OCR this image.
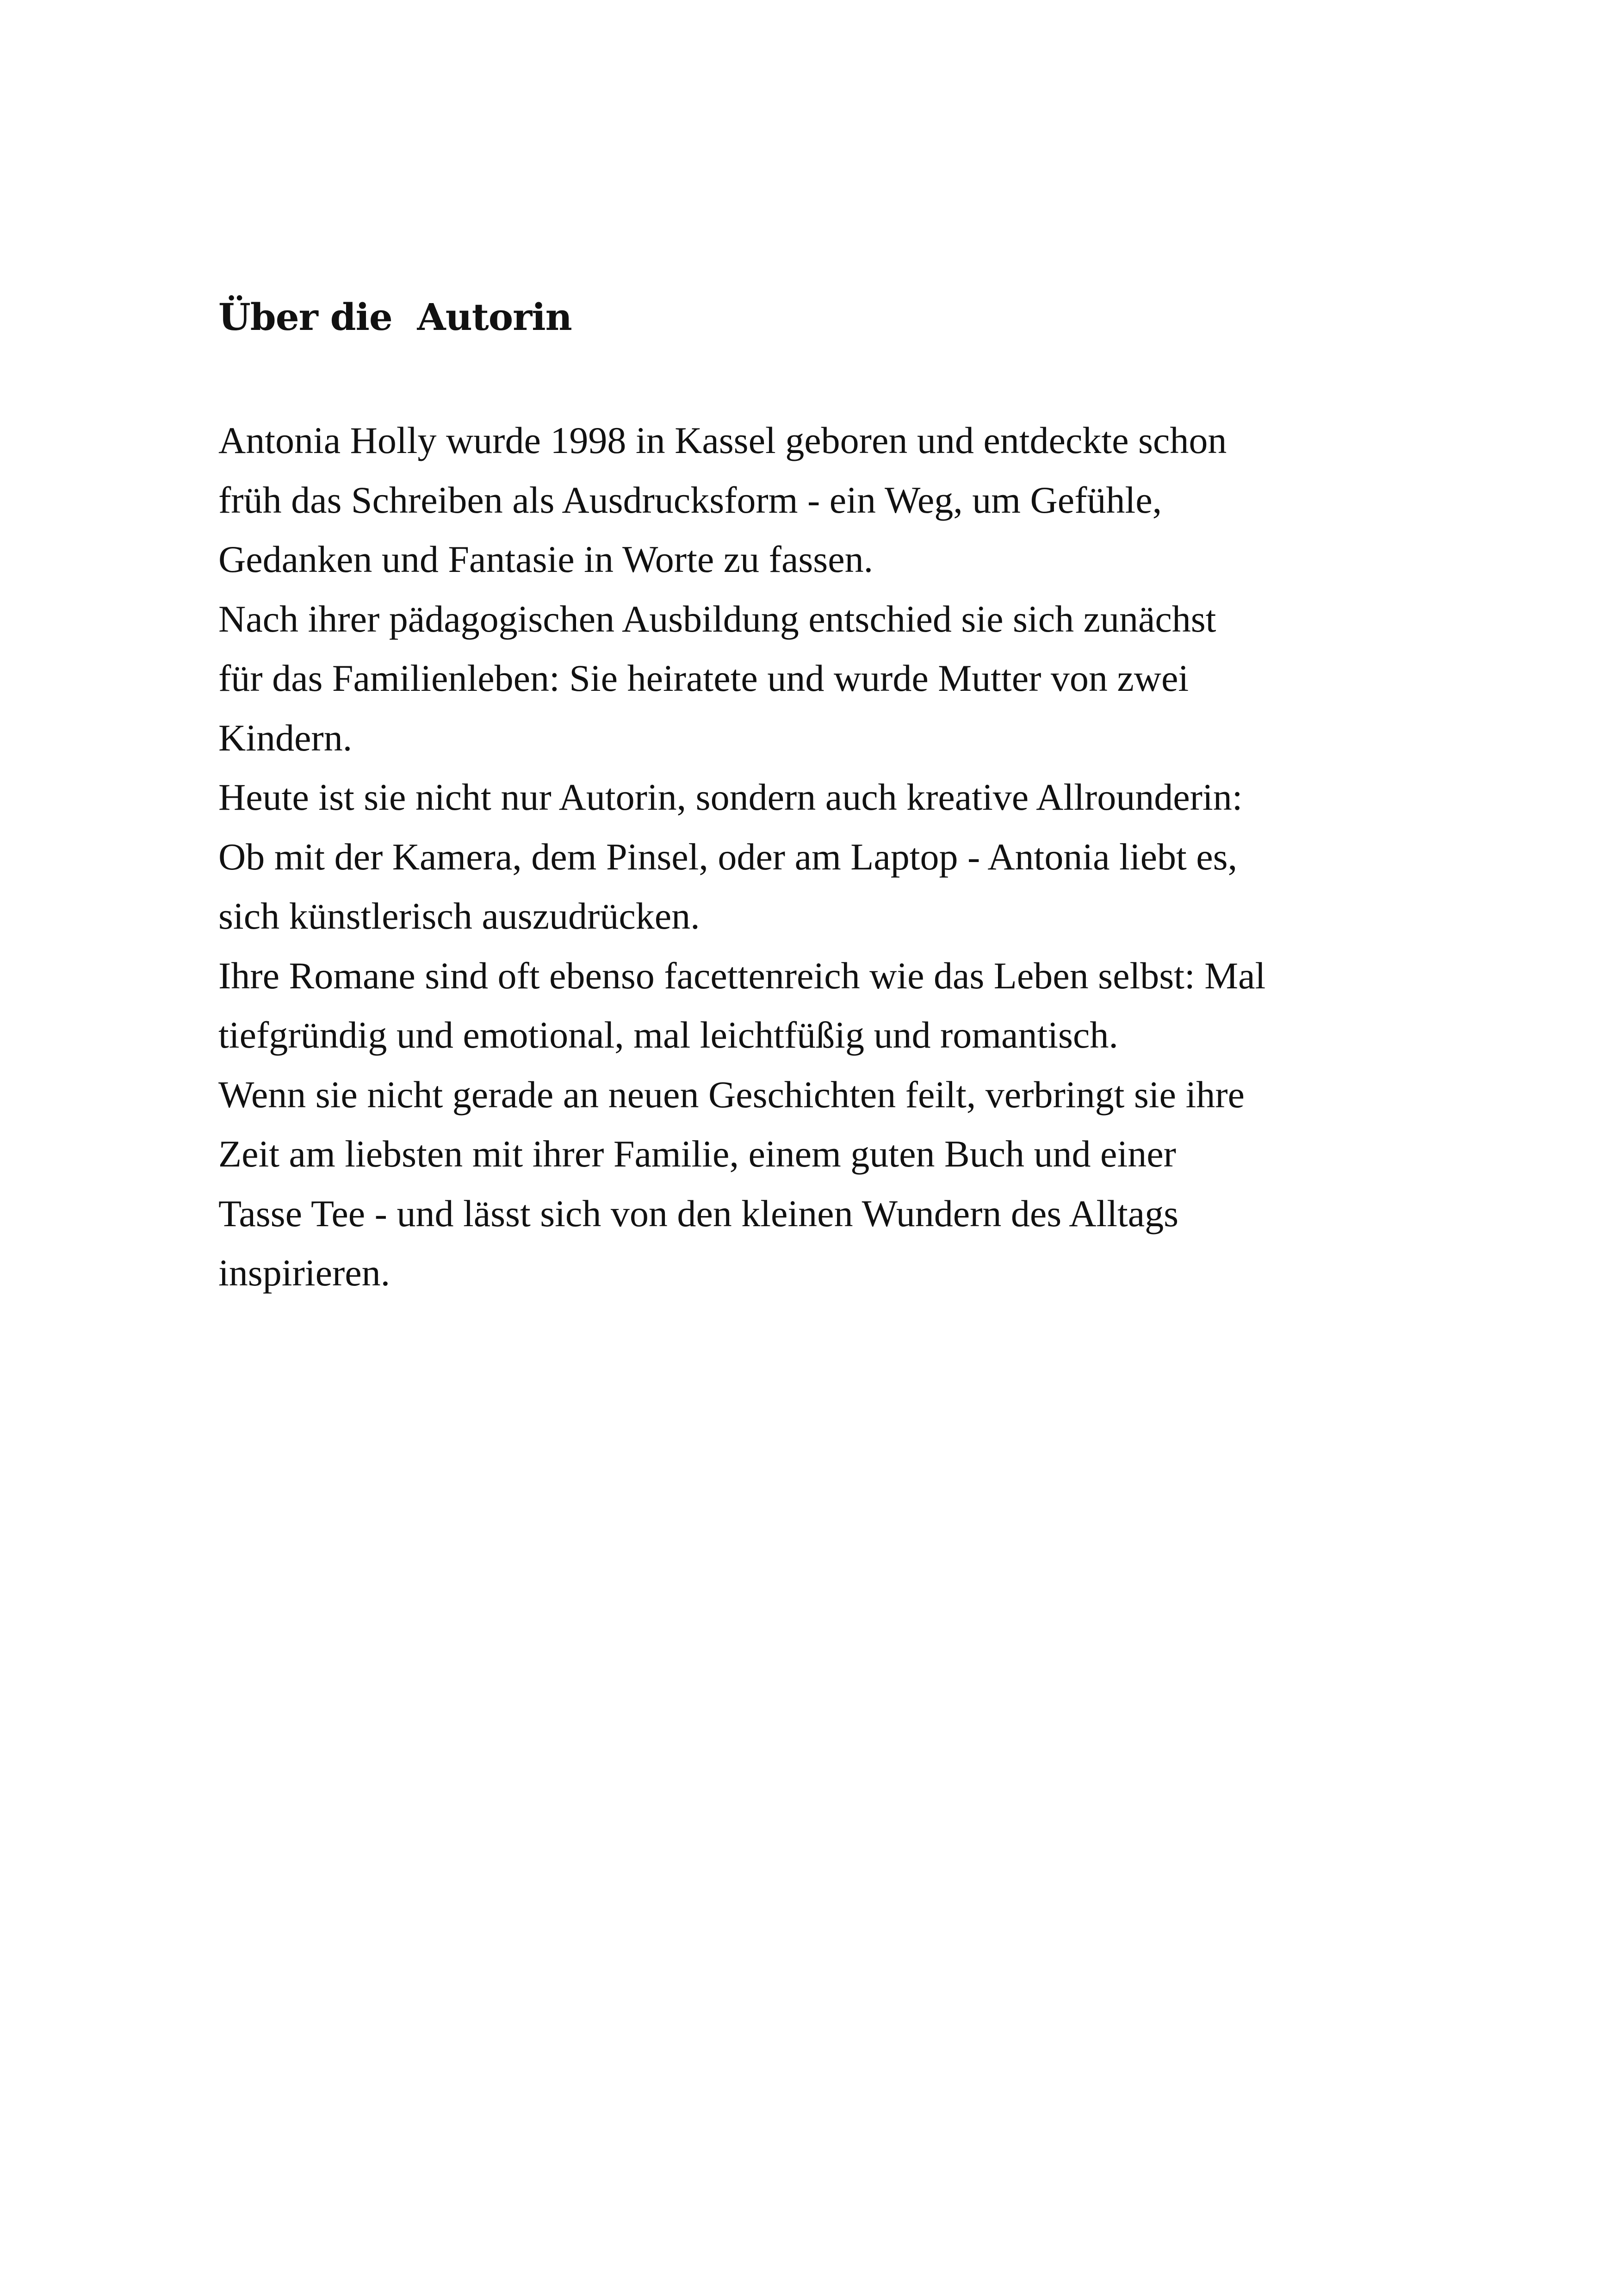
Über die  Autorin
Antonia Holly wurde 1998 in Kassel geboren und entdeckte schon
früh das Schreiben als Ausdrucksform - ein Weg, um Gefühle,
Gedanken und Fantasie in Worte zu fassen.
Nach ihrer pädagogischen Ausbildung entschied sie sich zunächst
für das Familienleben: Sie heiratete und wurde Mutter von zwei
Kindern.
Heute ist sie nicht nur Autorin, sondern auch kreative Allrounderin:
Ob mit der Kamera, dem Pinsel, oder am Laptop - Antonia liebt es,
sich künstlerisch auszudrücken.
Ihre Romane sind oft ebenso facettenreich wie das Leben selbst: Mal
tiefgründig und emotional, mal leichtfüßig und romantisch.
Wenn sie nicht gerade an neuen Geschichten feilt, verbringt sie ihre
Zeit am liebsten mit ihrer Familie, einem guten Buch und einer
Tasse Tee - und lässt sich von den kleinen Wundern des Alltags
inspirieren.
